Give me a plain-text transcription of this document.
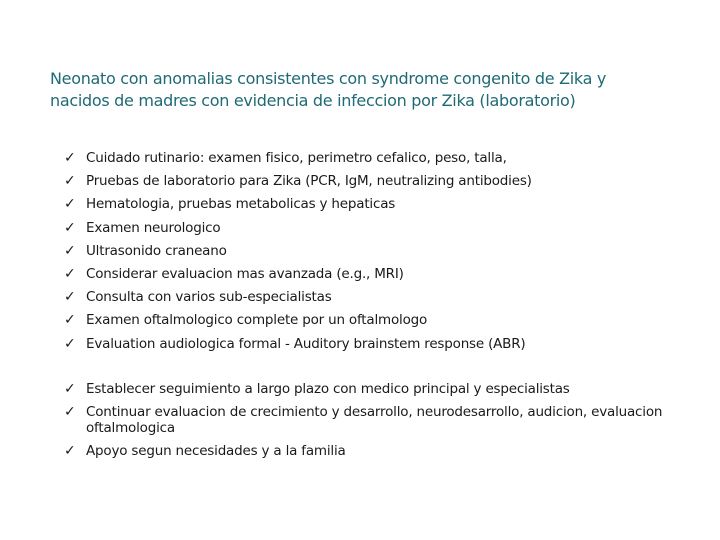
Neonato con anomalias consistentes con syndrome congenito de Zika y
nacidos de madres con evidencia de infeccion por Zika (laboratorio)
✓ Cuidado rutinario: examen fisico, perimetro cefalico, peso, talla,
✓ Pruebas de laboratorio para Zika (PCR, IgM, neutralizing antibodies)
✓ Hematologia, pruebas metabolicas y hepaticas
✓ Examen neurologico
✓ Ultrasonido craneano
✓ Considerar evaluacion mas avanzada (e.g., MRI)
✓ Consulta con varios sub-especialistas
✓ Examen oftalmologico complete por un oftalmologo
✓ Evaluation audiologica formal - Auditory brainstem response (ABR)
✓ Establecer seguimiento a largo plazo con medico principal y especialistas
✓ Continuar evaluacion de crecimiento y desarrollo, neurodesarrollo, audicion, evaluacion oftalmologica
✓ Apoyo segun necesidades y a la familia
